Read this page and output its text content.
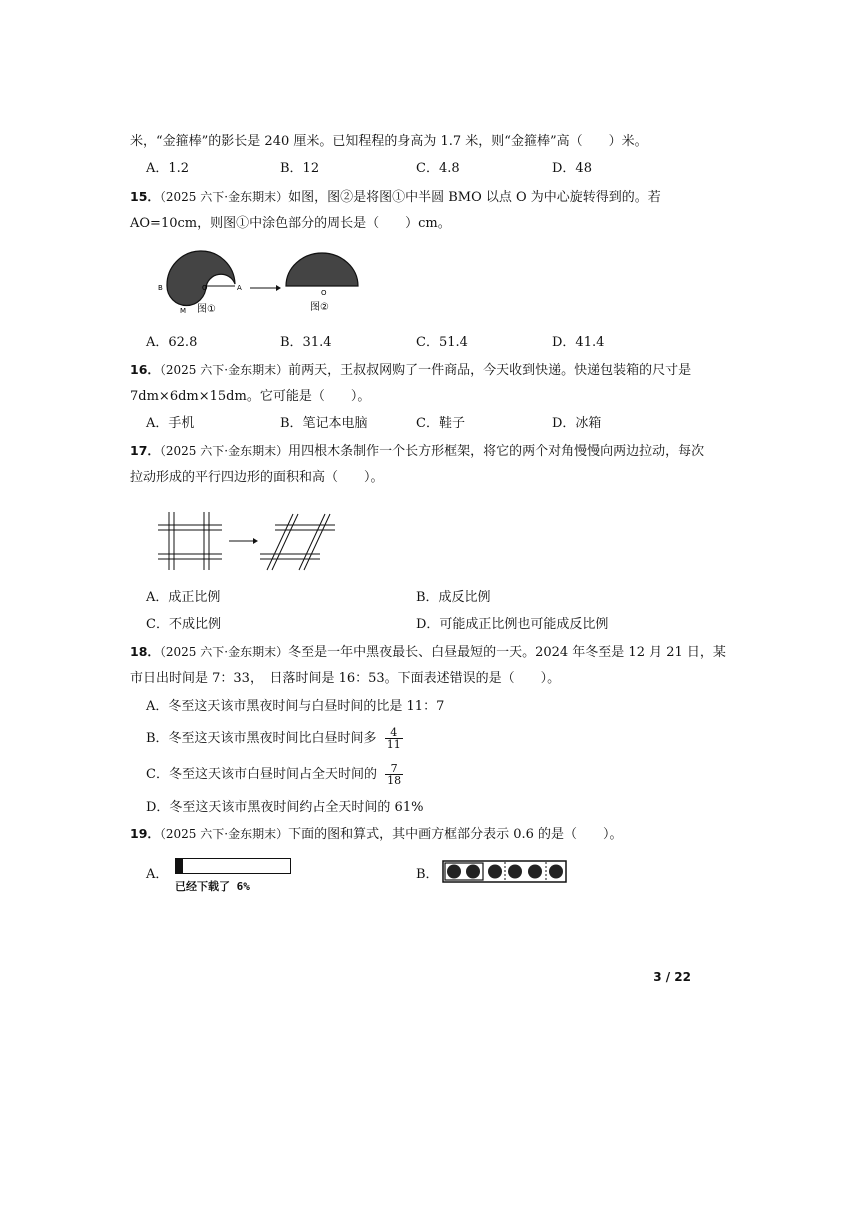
米，“金箍棒”的影长是 240 厘米。已知程程的身高为 1.7 米，则“金箍棒”高（　　）米。
A．1.2	B．12	C．4.8	D．48
15．（2025 六下·金东期末）如图，图②是将图①中半圆 BMO 以点 O 为中心旋转得到的。若
AO=10cm，则图①中涂色部分的周长是（　　）cm。
B	O	A
M 图①
O
图②
A．62.8	B．31.4	C．51.4	D．41.4
16．（2025 六下·金东期末）前两天，王叔叔网购了一件商品，今天收到快递。快递包装箱的尺寸是
7dm×6dm×15dm。它可能是（　　）。
A．手机	B．笔记本电脑	C．鞋子	D．冰箱
17．（2025 六下·金东期末）用四根木条制作一个长方形框架，将它的两个对角慢慢向两边拉动，每次
拉动形成的平行四边形的面积和高（　　）。
A．成正比例	B．成反比例
C．不成比例	D．可能成正比例也可能成反比例
18．（2025 六下·金东期末）冬至是一年中黑夜最长、白昼最短的一天。2024 年冬至是 12 月 21 日，某
市日出时间是 7：33，　日落时间是 16：53。下面表述错误的是（　　）。
A．冬至这天该市黑夜时间与白昼时间的比是 11：7
B．冬至这天该市黑夜时间比白昼时间多 $\frac{4}{11}$
C．冬至这天该市白昼时间占全天时间的 $\frac{7}{18}$
D．冬至这天该市黑夜时间约占全天时间的 61%
19．（2025 六下·金东期末）下面的图和算式，其中画方框部分表示 0.6 的是（　　）。
A．
已经下载了 6%
B．
3 / 22
